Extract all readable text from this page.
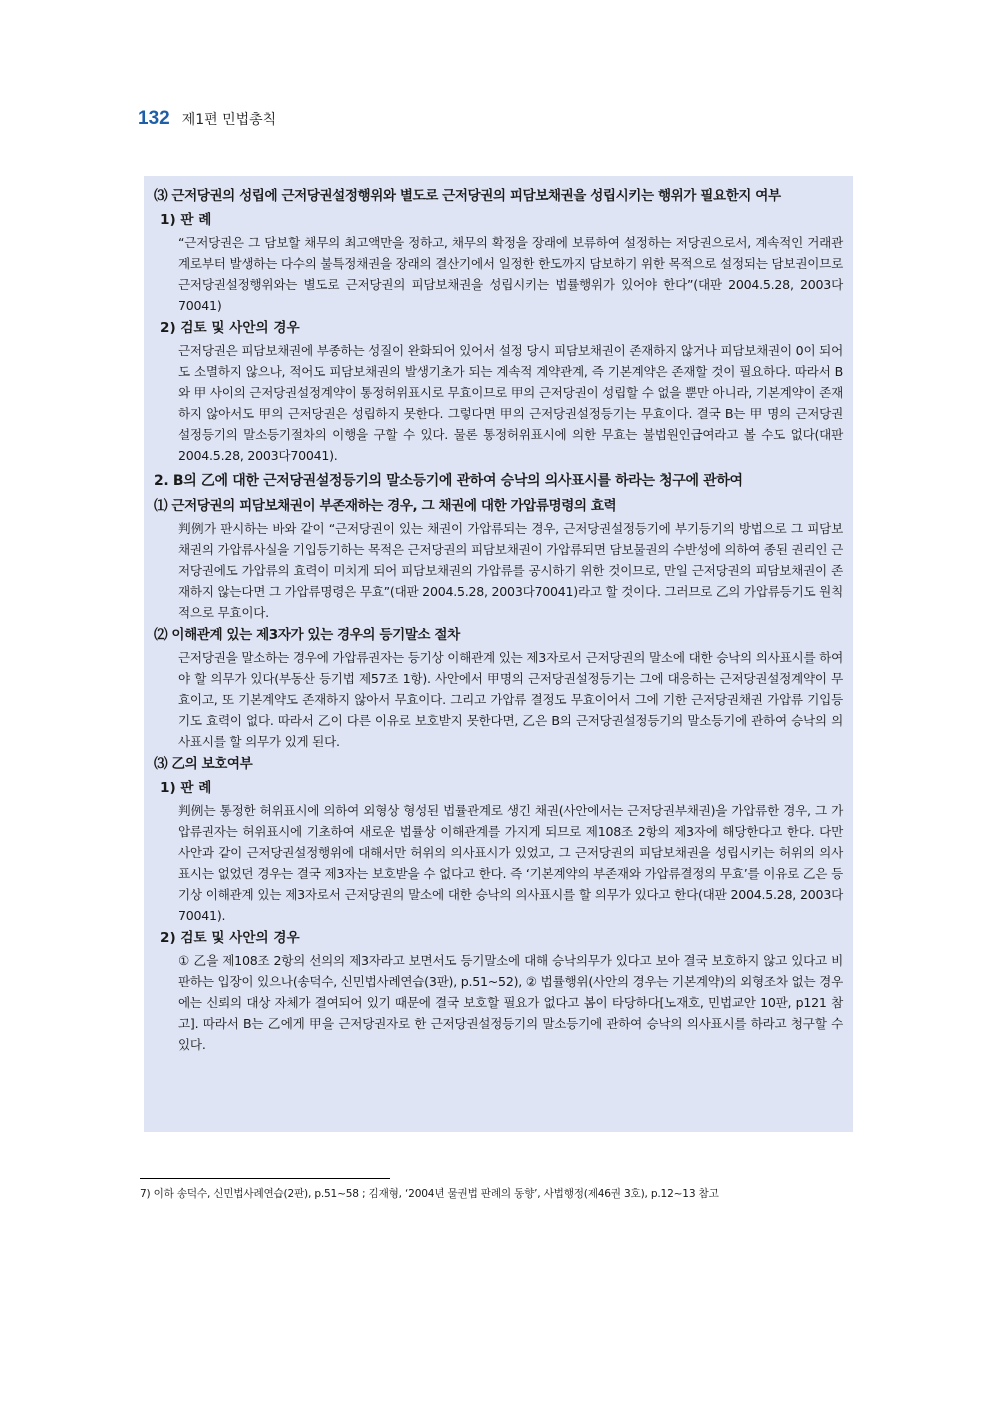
132 제1편 민법총칙

⑶ 근저당권의 성립에 근저당권설정행위와 별도로 근저당권의 피담보채권을 성립시키는 행위가 필요한지 여부

1) 판 례

“근저당권은 그 담보할 채무의 최고액만을 정하고, 채무의 확정을 장래에 보류하여 설정하는 저당권으로서, 계속적인 거래관계로부터 발생하는 다수의 불특정채권을 장래의 결산기에서 일정한 한도까지 담보하기 위한 목적으로 설정되는 담보권이므로 근저당권설정행위와는 별도로 근저당권의 피담보채권을 성립시키는 법률행위가 있어야 한다”(대판 2004.5.28, 2003다70041)

2) 검토 및 사안의 경우

근저당권은 피담보채권에 부종하는 성질이 완화되어 있어서 설정 당시 피담보채권이 존재하지 않거나 피담보채권이 0이 되어도 소멸하지 않으나, 적어도 피담보채권의 발생기초가 되는 계속적 계약관계, 즉 기본계약은 존재할 것이 필요하다. 따라서 B와 甲 사이의 근저당권설정계약이 통정허위표시로 무효이므로 甲의 근저당권이 성립할 수 없을 뿐만 아니라, 기본계약이 존재하지 않아서도 甲의 근저당권은 성립하지 못한다. 그렇다면 甲의 근저당권설정등기는 무효이다. 결국 B는 甲 명의 근저당권설정등기의 말소등기절차의 이행을 구할 수 있다. 물론 통정허위표시에 의한 무효는 불법원인급여라고 볼 수도 없다(대판 2004.5.28, 2003다70041).

2. B의 乙에 대한 근저당권설정등기의 말소등기에 관하여 승낙의 의사표시를 하라는 청구에 관하여

⑴ 근저당권의 피담보채권이 부존재하는 경우, 그 채권에 대한 가압류명령의 효력

判例가 판시하는 바와 같이 “근저당권이 있는 채권이 가압류되는 경우, 근저당권설정등기에 부기등기의 방법으로 그 피담보채권의 가압류사실을 기입등기하는 목적은 근저당권의 피담보채권이 가압류되면 담보물권의 수반성에 의하여 종된 권리인 근저당권에도 가압류의 효력이 미치게 되어 피담보채권의 가압류를 공시하기 위한 것이므로, 만일 근저당권의 피담보채권이 존재하지 않는다면 그 가압류명령은 무효”(대판 2004.5.28, 2003다70041)라고 할 것이다. 그러므로 乙의 가압류등기도 원칙적으로 무효이다.

⑵ 이해관계 있는 제3자가 있는 경우의 등기말소 절차

근저당권을 말소하는 경우에 가압류권자는 등기상 이해관계 있는 제3자로서 근저당권의 말소에 대한 승낙의 의사표시를 하여야 할 의무가 있다(부동산 등기법 제57조 1항). 사안에서 甲명의 근저당권설정등기는 그에 대응하는 근저당권설정계약이 무효이고, 또 기본계약도 존재하지 않아서 무효이다. 그리고 가압류 결정도 무효이어서 그에 기한 근저당권채권 가압류 기입등기도 효력이 없다. 따라서 乙이 다른 이유로 보호받지 못한다면, 乙은 B의 근저당권설정등기의 말소등기에 관하여 승낙의 의사표시를 할 의무가 있게 된다.

⑶ 乙의 보호여부

1) 판 례

判例는 통정한 허위표시에 의하여 외형상 형성된 법률관계로 생긴 채권(사안에서는 근저당권부채권)을 가압류한 경우, 그 가압류권자는 허위표시에 기초하여 새로운 법률상 이해관계를 가지게 되므로 제108조 2항의 제3자에 해당한다고 한다. 다만 사안과 같이 근저당권설정행위에 대해서만 허위의 의사표시가 있었고, 그 근저당권의 피담보채권을 성립시키는 허위의 의사표시는 없었던 경우는 결국 제3자는 보호받을 수 없다고 한다. 즉 ‘기본계약의 부존재와 가압류결정의 무효’를 이유로 乙은 등기상 이해관계 있는 제3자로서 근저당권의 말소에 대한 승낙의 의사표시를 할 의무가 있다고 한다(대판 2004.5.28, 2003다70041).

2) 검토 및 사안의 경우

① 乙을 제108조 2항의 선의의 제3자라고 보면서도 등기말소에 대해 승낙의무가 있다고 보아 결국 보호하지 않고 있다고 비판하는 입장이 있으나(송덕수, 신민법사례연습(3판), p.51~52), ② 법률행위(사안의 경우는 기본계약)의 외형조차 없는 경우에는 신뢰의 대상 자체가 결여되어 있기 때문에 결국 보호할 필요가 없다고 봄이 타당하다[노재호, 민법교안 10판, p121 참고]. 따라서 B는 乙에게 甲을 근저당권자로 한 근저당권설정등기의 말소등기에 관하여 승낙의 의사표시를 하라고 청구할 수 있다.

7) 이하 송덕수, 신민법사례연습(2판), p.51~58 ; 김재형, ‘2004년 물권법 판례의 동향’, 사법행정(제46권 3호), p.12~13 참고
